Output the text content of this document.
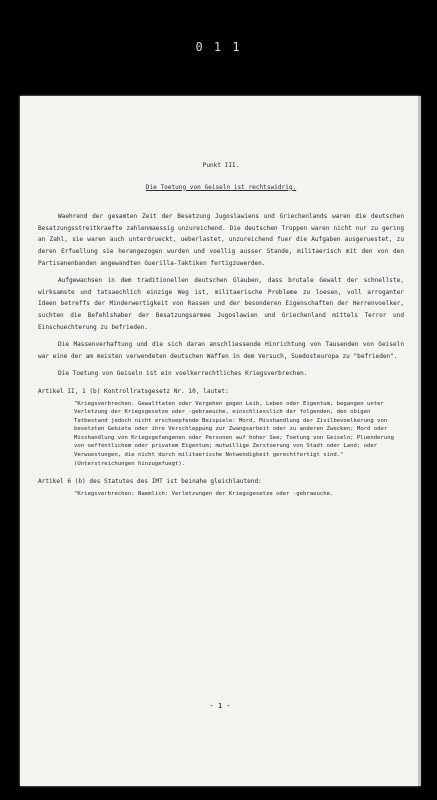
0 1 1
Punkt III.
Die Toetung von Geiseln ist rechtswidrig.

Waehrend der gesamten Zeit der Besetzung Jugoslawiens und Griechenlands waren die deutschen Besatzungsstreitkraefte zahlenmaessig unzureichend. Die deutschen Truppen waren nicht nur zu gering an Zahl, sie waren auch unterdrueckt, ueberlastet, unzureichend fuer die Aufgaben ausgeruestet, zu deren Erfuellung sie herangezogen wurden und voellig ausser Stande, militaerisch mit den von den Partisanenbanden angewandten Guerilla-Taktiken fertigzuwerden.

Aufgewachsen in dem traditionellen deutschen Glauben, dass brutale Gewalt der schnellste, wirksamste und tatsaechlich einzige Weg ist, militaerische Probleme zu loesen, voll arroganter Ideen betreffs der Minderwertigkeit von Rassen und der besonderen Eigenschaften der Herrenvoelker, suchten die Befehlshaber der Besatzungsarmee Jugoslawien und Griechenland mittels Terror und Einschuechterung zu befrieden.

Die Massenverhaftung und die sich daran anschliessende Hinrichtung von Tausenden von Geiseln war eine der am meisten verwendeten deutschen Waffen in dem Versuch, Suedosteuropa zu "befrieden".

Die Toetung von Geiseln ist ein voelkerrechtliches Kriegsverbrechen.

Artikel II, 1 (b) Kontrollratsgesetz Nr. 10, lautet:

"Kriegsverbrechen. Gewalttaten oder Vergehen gegen Leib, Leben oder Eigentum, begangen unter Verletzung der Kriegsgesetze oder -gebraeuche, einschliesslich der folgenden, den obigen Tatbestand jedoch nicht erschoepfende Beispiele: Mord, Misshandlung der Zivilbevoelkerung von besetzten Gebiete oder ihre Verschleppung zur Zwangsarbeit oder zu anderen Zwecken; Mord oder Misshandlung von Kriegsgefangenen oder Personen auf hoher See; Toetung von Geiseln; Pluenderung von oeffentlichem oder privatem Eigentum; mutwillige Zerstoerung von Stadt oder Land; oder Verwuestungen, die nicht durch militaerische Notwendigkeit gerechtfertigt sind." (Unterstreichungen hinzugefuegt).

Artikel 6 (b) des Statutes des IMT ist beinahe gleichlautend:

"Kriegsverbrechen: Naemlich: Verletzungen der Kriegsgesetze oder -gebraeuche.

- 1 -
